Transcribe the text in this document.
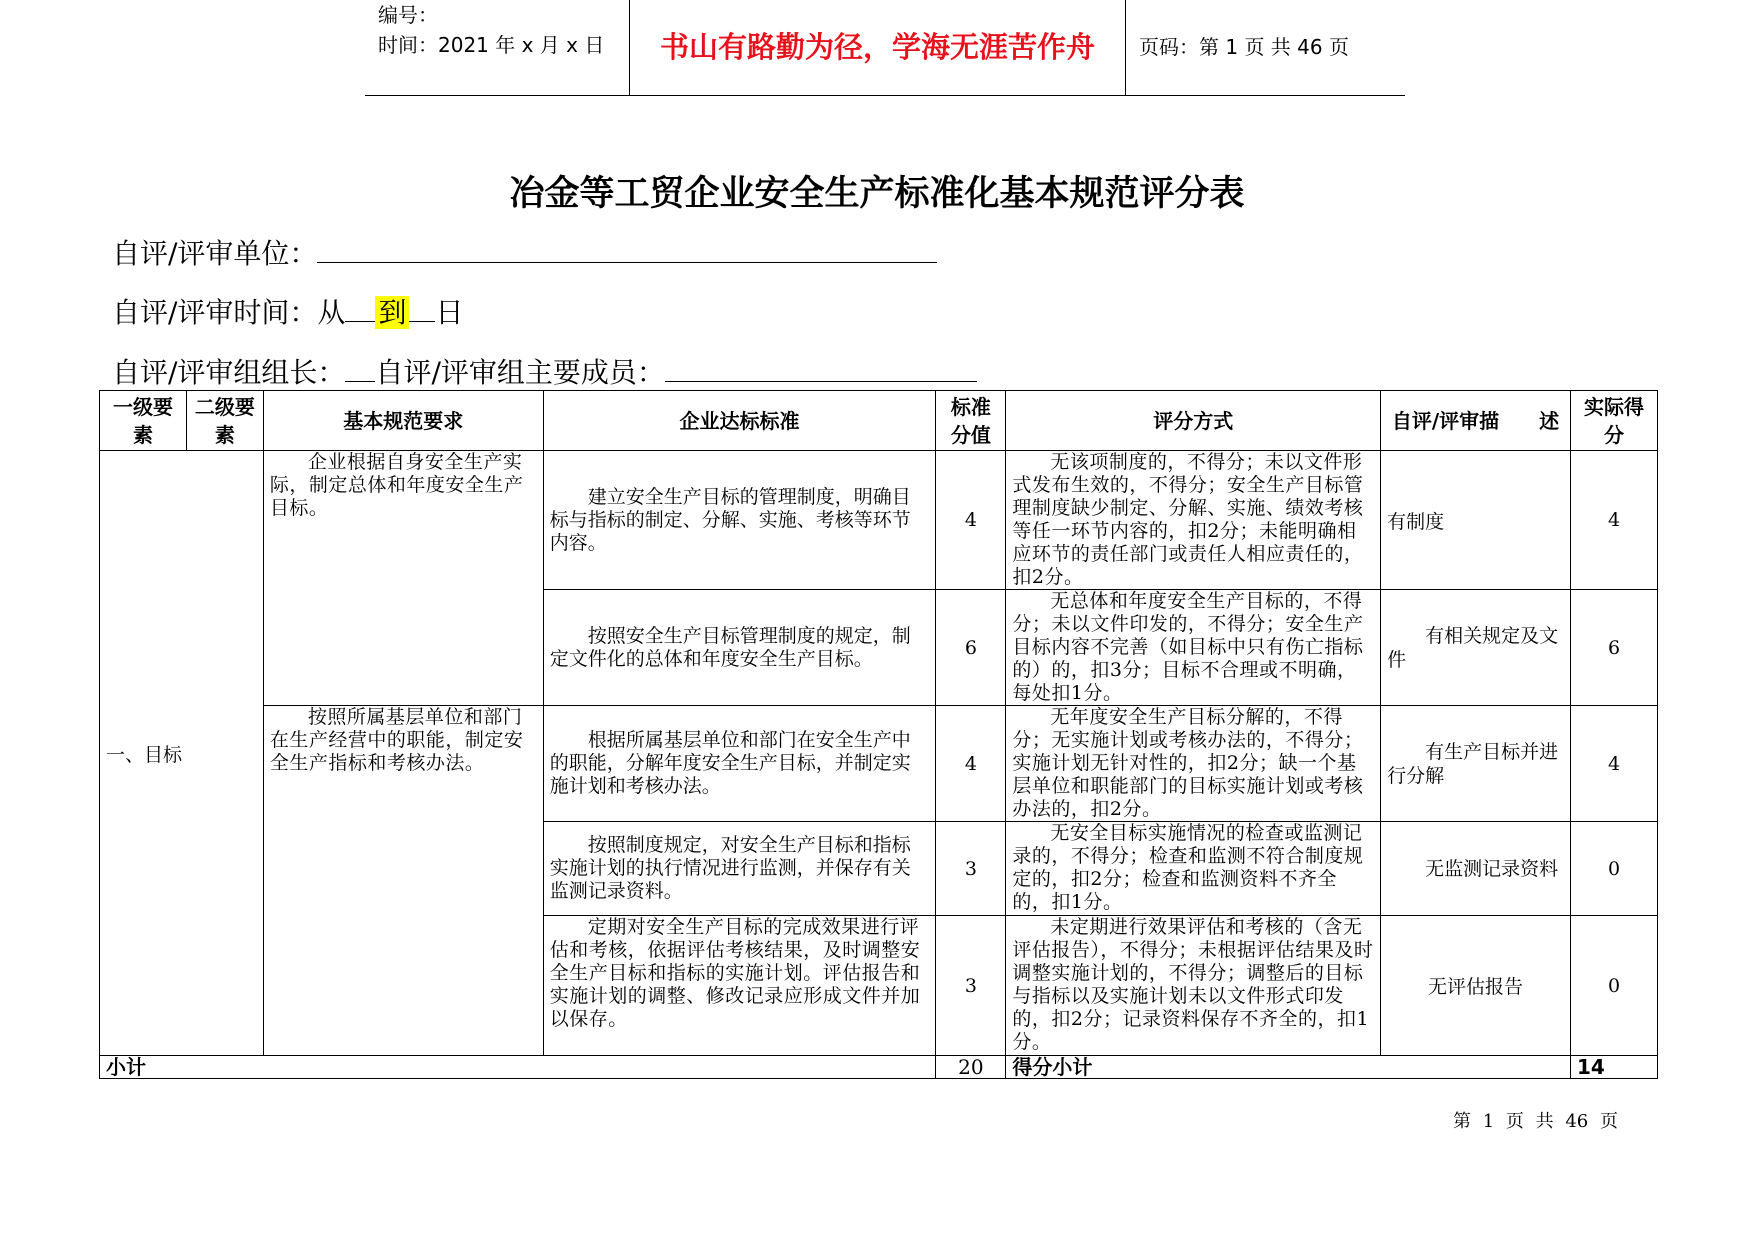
编号：
时间：2021 年 x 月 x 日	书山有路勤为径，学海无涯苦作舟	页码：第 1 页 共 46 页
冶金等工贸企业安全生产标准化基本规范评分表
自评/评审单位：
自评/评审时间：从 到 日
自评/评审组组长： 自评/评审组主要成员：
一级要素	二级要素	基本规范要求	企业达标标准	标准分值	评分方式	自评/评审描　　述	实际得分
一、目标		企业根据自身安全生产实际，制定总体和年度安全生产目标。	建立安全生产目标的管理制度，明确目标与指标的制定、分解、实施、考核等环节内容。	4	无该项制度的，不得分；未以文件形式发布生效的，不得分；安全生产目标管理制度缺少制定、分解、实施、绩效考核等任一环节内容的，扣2分；未能明确相应环节的责任部门或责任人相应责任的，扣2分。	有制度	4
			按照安全生产目标管理制度的规定，制定文件化的总体和年度安全生产目标。	6	无总体和年度安全生产目标的，不得分；未以文件印发的，不得分；安全生产目标内容不完善（如目标中只有伤亡指标的）的，扣3分；目标不合理或不明确，每处扣1分。	有相关规定及文件	6
		按照所属基层单位和部门在生产经营中的职能，制定安全生产指标和考核办法。	根据所属基层单位和部门在安全生产中的职能，分解年度安全生产目标，并制定实施计划和考核办法。	4	无年度安全生产目标分解的，不得分；无实施计划或考核办法的，不得分；实施计划无针对性的，扣2分；缺一个基层单位和职能部门的目标实施计划或考核办法的，扣2分。	有生产目标并进行分解	4
			按照制度规定，对安全生产目标和指标实施计划的执行情况进行监测，并保存有关监测记录资料。	3	无安全目标实施情况的检查或监测记录的，不得分；检查和监测不符合制度规定的，扣2分；检查和监测资料不齐全的，扣1分。	无监测记录资料	0
			定期对安全生产目标的完成效果进行评估和考核，依据评估考核结果，及时调整安全生产目标和指标的实施计划。评估报告和实施计划的调整、修改记录应形成文件并加以保存。	3	未定期进行效果评估和考核的（含无评估报告），不得分；未根据评估结果及时调整实施计划的，不得分；调整后的目标与指标以及实施计划未以文件形式印发的，扣2分；记录资料保存不齐全的，扣1分。	无评估报告	0
小计				20	得分小计		14
第 1 页 共 46 页
